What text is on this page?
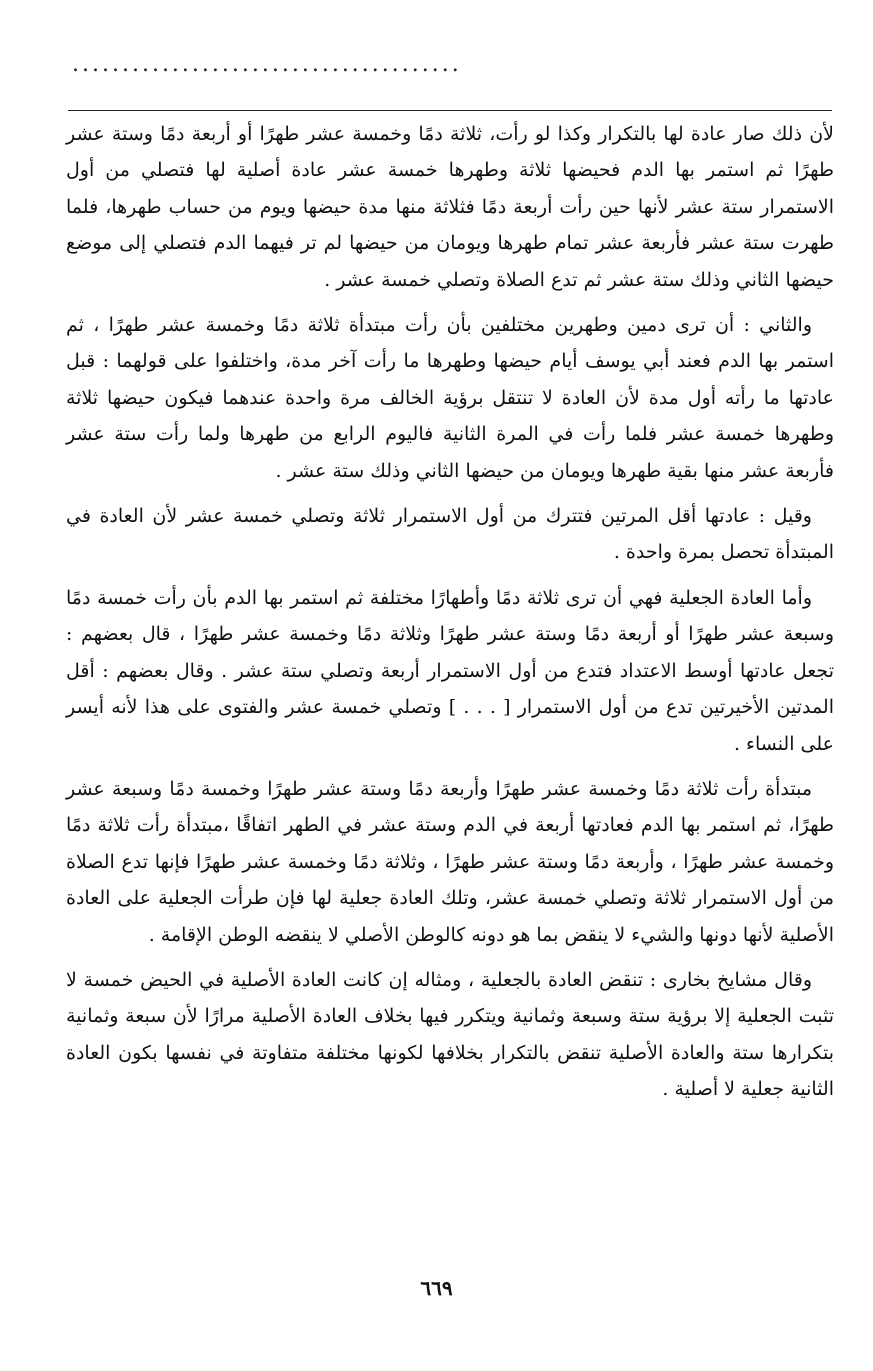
.......................................

لأن ذلك صار عادة لها بالتكرار وكذا لو رأت، ثلاثة دمًا وخمسة عشر طهرًا أو أربعة دمًا وستة عشر طهرًا ثم استمر بها الدم فحيضها ثلاثة وطهرها خمسة عشر عادة أصلية لها فتصلي من أول الاستمرار ستة عشر لأنها حين رأت أربعة دمًا فثلاثة منها مدة حيضها ويوم من حساب طهرها، فلما طهرت ستة عشر فأربعة عشر تمام طهرها ويومان من حيضها لم تر فيهما الدم فتصلي إلى موضع حيضها الثاني وذلك ستة عشر ثم تدع الصلاة وتصلي خمسة عشر .

والثاني : أن ترى دمين وطهرين مختلفين بأن رأت مبتدأة ثلاثة دمًا وخمسة عشر طهرًا ، ثم استمر بها الدم فعند أبي يوسف أيام حيضها وطهرها ما رأت آخر مدة، واختلفوا على قولهما : قبل عادتها ما رأته أول مدة لأن العادة لا تنتقل برؤية الخالف مرة واحدة عندهما فيكون حيضها ثلاثة وطهرها خمسة عشر فلما رأت في المرة الثانية فاليوم الرابع من طهرها ولما رأت ستة عشر فأربعة عشر منها بقية طهرها ويومان من حيضها الثاني وذلك ستة عشر .

وقيل : عادتها أقل المرتين فتترك من أول الاستمرار ثلاثة وتصلي خمسة عشر لأن العادة في المبتدأة تحصل بمرة واحدة .

وأما العادة الجعلية فهي أن ترى ثلاثة دمًا وأطهارًا مختلفة ثم استمر بها الدم بأن رأت خمسة دمًا وسبعة عشر طهرًا أو أربعة دمًا وستة عشر طهرًا وثلاثة دمًا وخمسة عشر طهرًا ، قال بعضهم : تجعل عادتها أوسط الاعتداد فتدع من أول الاستمرار أربعة وتصلي ستة عشر . وقال بعضهم : أقل المدتين الأخيرتين تدع من أول الاستمرار [ . . . ] وتصلي خمسة عشر والفتوى على هذا لأنه أيسر على النساء .

مبتدأة رأت ثلاثة دمًا وخمسة عشر طهرًا وأربعة دمًا وستة عشر طهرًا وخمسة دمًا وسبعة عشر طهرًا، ثم استمر بها الدم فعادتها أربعة في الدم وستة عشر في الطهر اتفاقًا ،مبتدأة رأت ثلاثة دمًا وخمسة عشر طهرًا ، وأربعة دمًا وستة عشر طهرًا ، وثلاثة دمًا وخمسة عشر طهرًا فإنها تدع الصلاة من أول الاستمرار ثلاثة وتصلي خمسة عشر، وتلك العادة جعلية لها فإن طرأت الجعلية على العادة الأصلية لأنها دونها والشيء لا ينقض بما هو دونه كالوطن الأصلي لا ينقضه الوطن الإقامة .

وقال مشايخ بخارى : تنقض العادة بالجعلية ، ومثاله إن كانت العادة الأصلية في الحيض خمسة لا تثبت الجعلية إلا برؤية ستة وسبعة وثمانية ويتكرر فيها بخلاف العادة الأصلية مرارًا لأن سبعة وثمانية بتكرارها ستة والعادة الأصلية تنقض بالتكرار بخلافها لكونها مختلفة متفاوتة في نفسها بكون العادة الثانية جعلية لا أصلية .

٦٦٩
